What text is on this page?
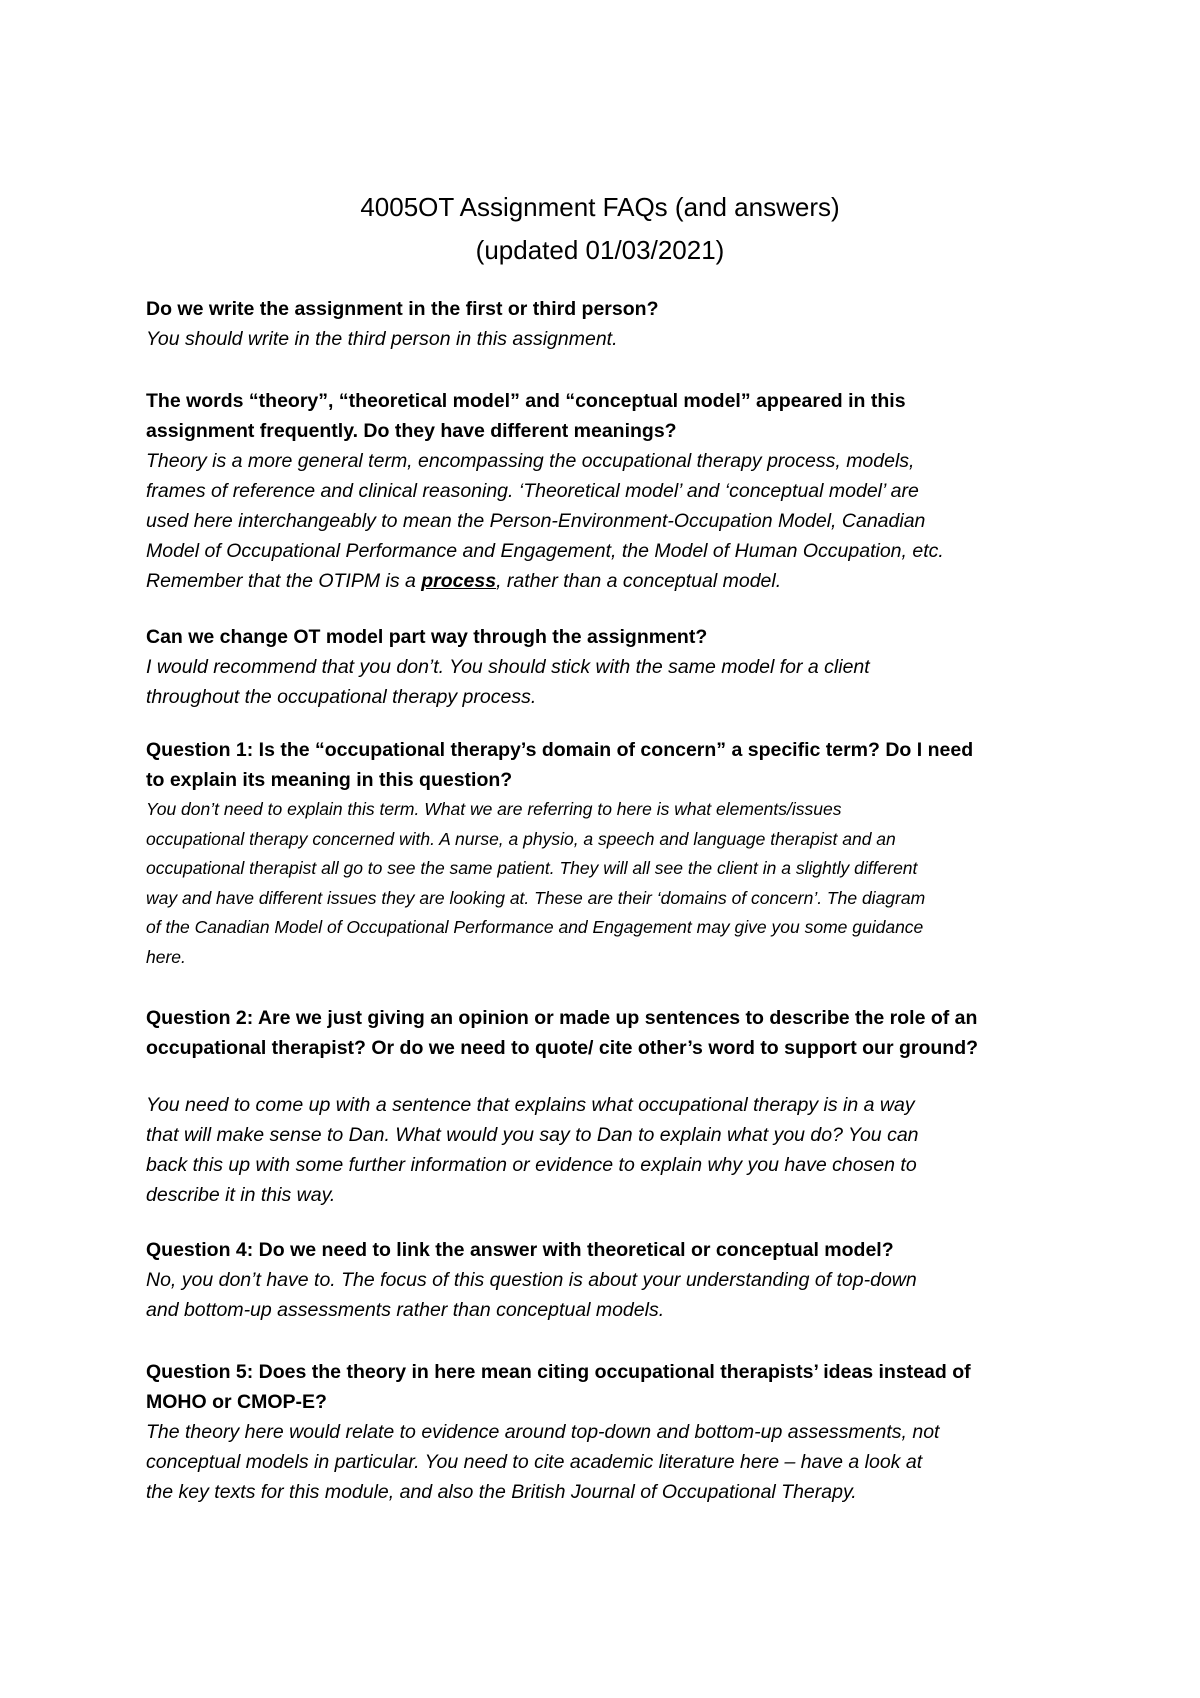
4005OT Assignment FAQs (and answers)
(updated 01/03/2021)

Do we write the assignment in the first or third person?

You should write in the third person in this assignment.

The words “theory”, “theoretical model” and “conceptual model” appeared in this
assignment frequently. Do they have different meanings?

Theory is a more general term, encompassing the occupational therapy process, models,
frames of reference and clinical reasoning. ‘Theoretical model’ and ‘conceptual model’ are
used here interchangeably to mean the Person-Environment-Occupation Model, Canadian
Model of Occupational Performance and Engagement, the Model of Human Occupation, etc.
Remember that the OTIPM is a process, rather than a conceptual model.

Can we change OT model part way through the assignment?

I would recommend that you don’t. You should stick with the same model for a client
throughout the occupational therapy process.

Question 1: Is the “occupational therapy’s domain of concern” a specific term? Do I need
to explain its meaning in this question?

You don’t need to explain this term. What we are referring to here is what elements/issues
occupational therapy concerned with. A nurse, a physio, a speech and language therapist and an
occupational therapist all go to see the same patient. They will all see the client in a slightly different
way and have different issues they are looking at. These are their ‘domains of concern’. The diagram
of the Canadian Model of Occupational Performance and Engagement may give you some guidance
here.

Question 2: Are we just giving an opinion or made up sentences to describe the role of an
occupational therapist? Or do we need to quote/ cite other’s word to support our ground?

You need to come up with a sentence that explains what occupational therapy is in a way
that will make sense to Dan. What would you say to Dan to explain what you do? You can
back this up with some further information or evidence to explain why you have chosen to
describe it in this way.

Question 4: Do we need to link the answer with theoretical or conceptual model?

No, you don’t have to. The focus of this question is about your understanding of top-down
and bottom-up assessments rather than conceptual models.

Question 5: Does the theory in here mean citing occupational therapists’ ideas instead of
MOHO or CMOP-E?

The theory here would relate to evidence around top-down and bottom-up assessments, not
conceptual models in particular. You need to cite academic literature here – have a look at
the key texts for this module, and also the British Journal of Occupational Therapy.
